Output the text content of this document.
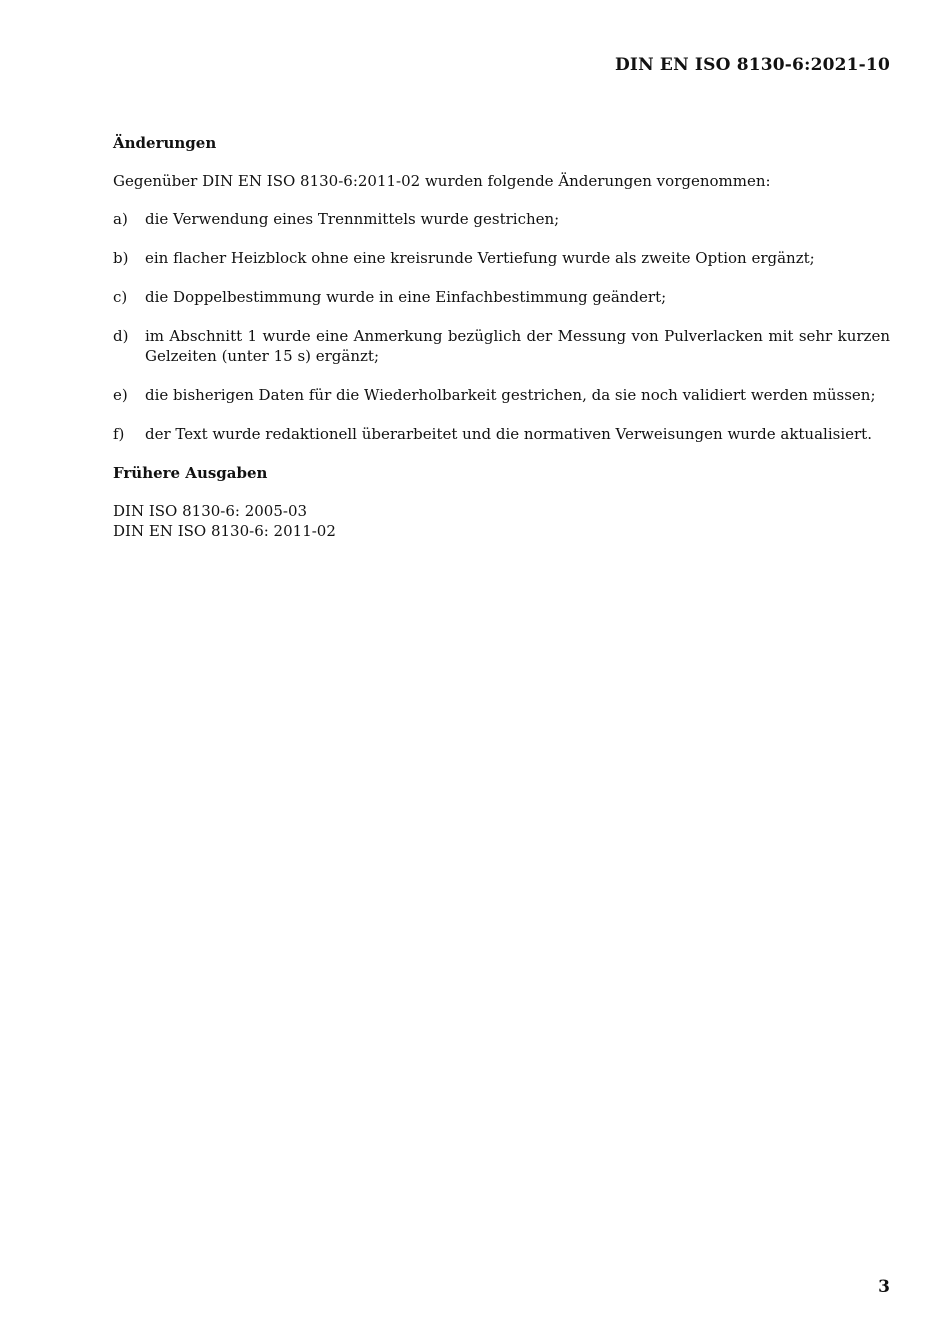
DIN EN ISO 8130-6:2021-10
Änderungen
Gegenüber DIN EN ISO 8130-6:2011-02 wurden folgende Änderungen vorgenommen:
a)	die Verwendung eines Trennmittels wurde gestrichen;
b)	ein flacher Heizblock ohne eine kreisrunde Vertiefung wurde als zweite Option ergänzt;
c)	die Doppelbestimmung wurde in eine Einfachbestimmung geändert;
d)	im Abschnitt 1 wurde eine Anmerkung bezüglich der Messung von Pulverlacken mit sehr kurzen Gelzeiten (unter 15 s) ergänzt;
e)	die bisherigen Daten für die Wiederholbarkeit gestrichen, da sie noch validiert werden müssen;
f)	der Text wurde redaktionell überarbeitet und die normativen Verweisungen wurde aktualisiert.
Frühere Ausgaben
DIN ISO 8130-6: 2005-03
DIN EN ISO 8130-6: 2011-02
3
